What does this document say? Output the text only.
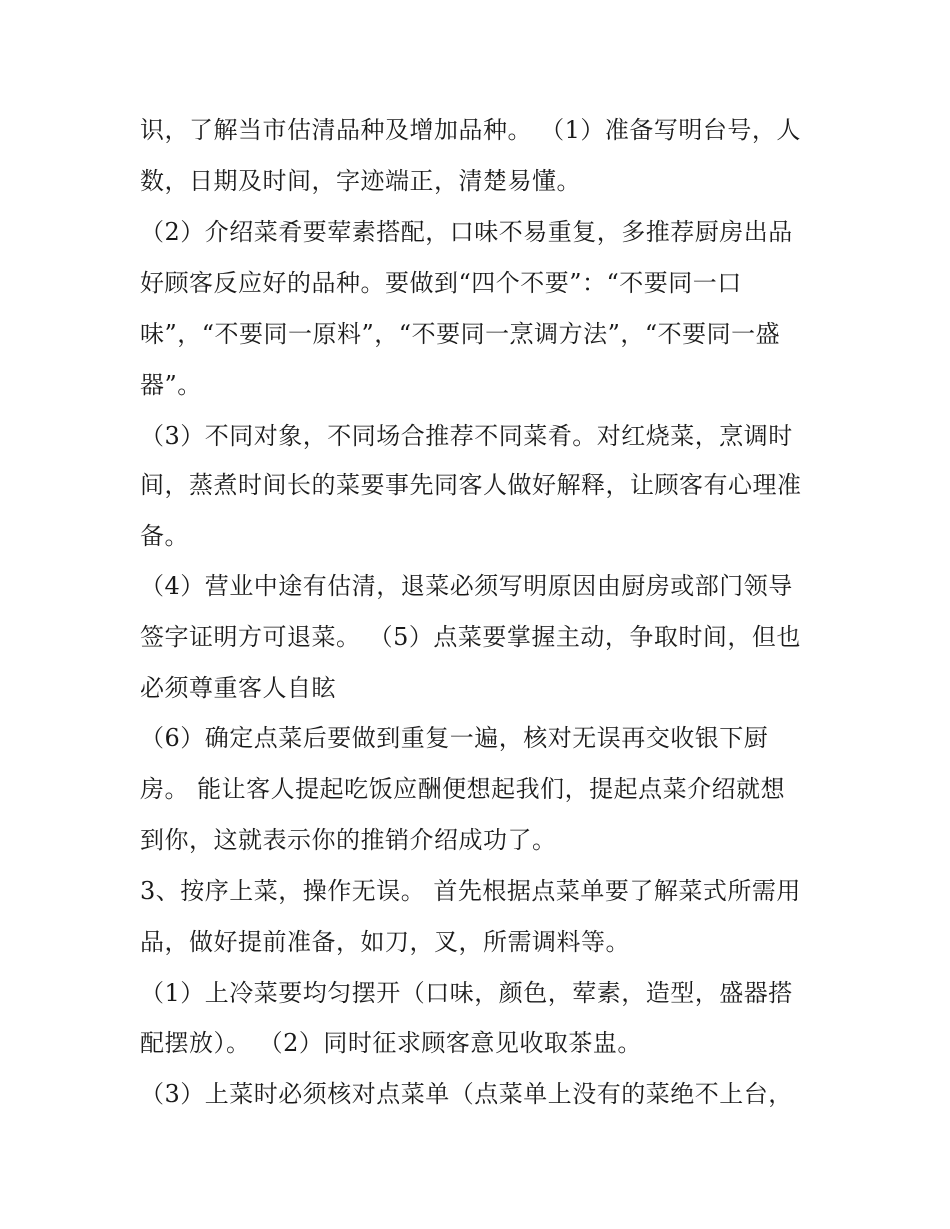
识，了解当市估清品种及增加品种。 （1）准备写明台号，人
数，日期及时间，字迹端正，清楚易懂。
（2）介绍菜肴要荤素搭配，口味不易重复，多推荐厨房出品
好顾客反应好的品种。要做到“四个不要”：“不要同一口
味”，“不要同一原料”，“不要同一烹调方法”，“不要同一盛
器”。
（3）不同对象，不同场合推荐不同菜肴。对红烧菜，烹调时
间，蒸煮时间长的菜要事先同客人做好解释，让顾客有心理准
备。
（4）营业中途有估清，退菜必须写明原因由厨房或部门领导
签字证明方可退菜。 （5）点菜要掌握主动，争取时间，但也
必须尊重客人自眩
（6）确定点菜后要做到重复一遍，核对无误再交收银下厨
房。 能让客人提起吃饭应酬便想起我们，提起点菜介绍就想
到你，这就表示你的推销介绍成功了。
3、按序上菜，操作无误。 首先根据点菜单要了解菜式所需用
品，做好提前准备，如刀，叉，所需调料等。
（1）上冷菜要均匀摆开（口味，颜色，荤素，造型，盛器搭
配摆放）。 （2）同时征求顾客意见收取茶盅。
（3）上菜时必须核对点菜单（点菜单上没有的菜绝不上台，
